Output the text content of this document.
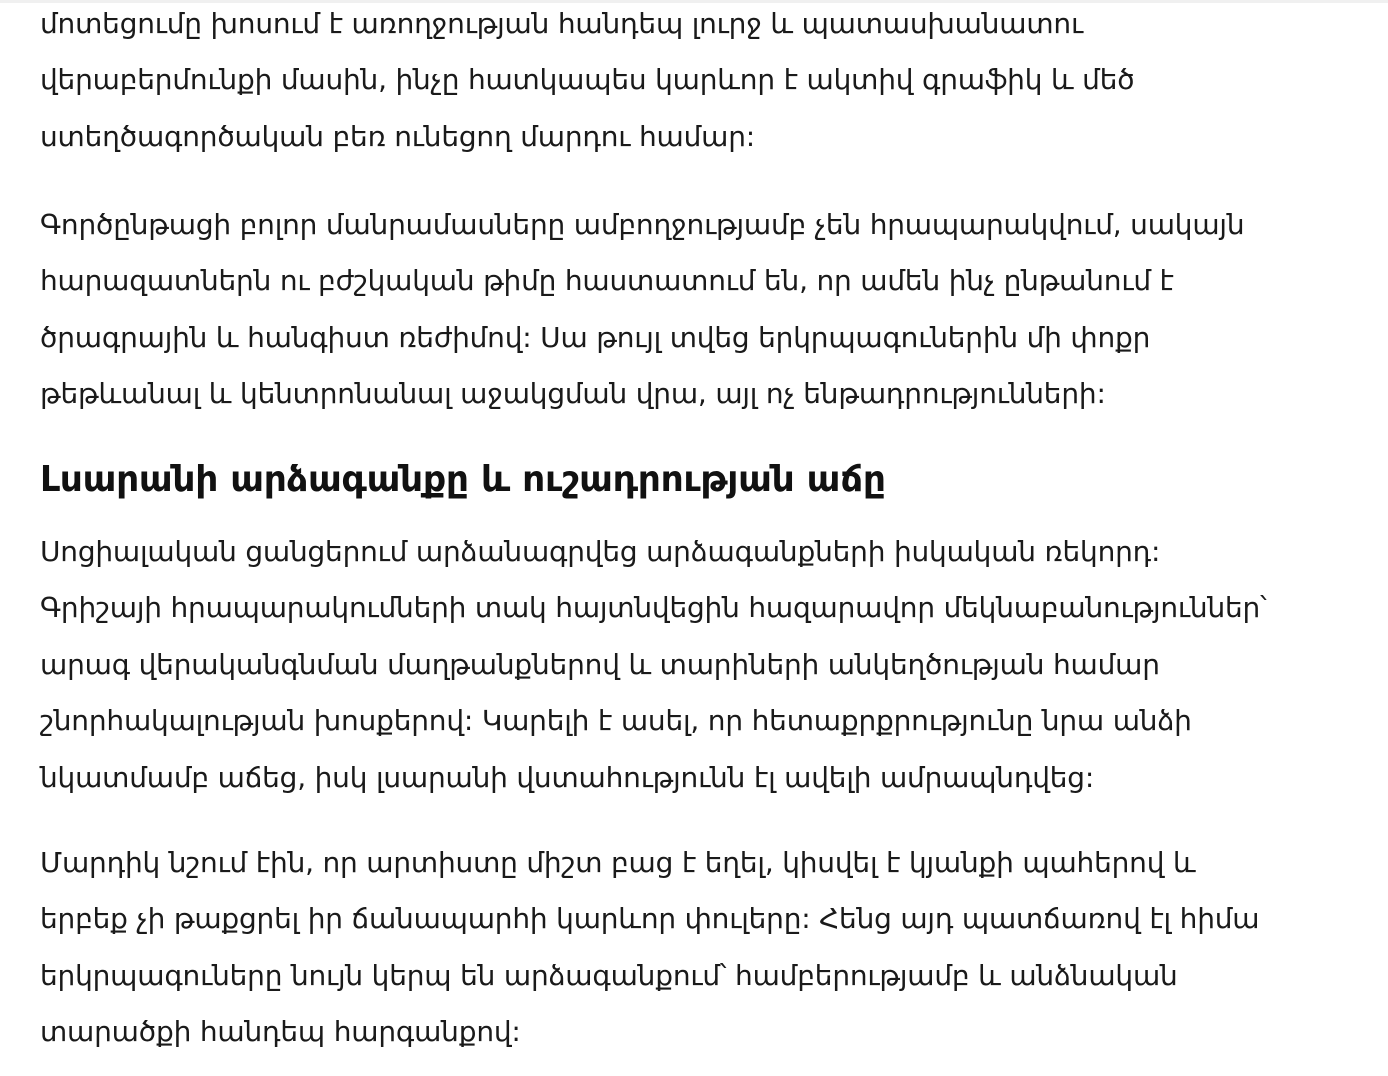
մոտեցումը խոսում է առողջության հանդեպ լուրջ և պատասխանատու
վերաբերմունքի մասին, ինչը հատկապես կարևոր է ակտիվ գրաֆիկ և մեծ
ստեղծագործական բեռ ունեցող մարդու համար:

Գործընթացի բոլոր մանրամասները ամբողջությամբ չեն հրապարակվում, սակայն
հարազատներն ու բժշկական թիմը հաստատում են, որ ամեն ինչ ընթանում է
ծրագրային և հանգիստ ռեժիմով: Սա թույլ տվեց երկրպագուներին մի փոքր
թեթևանալ և կենտրոնանալ աջակցման վրա, այլ ոչ ենթադրությունների:

Լսարանի արձագանքը և ուշադրության աճը

Սոցիալական ցանցերում արձանագրվեց արձագանքների իսկական ռեկորդ:
Գրիշայի հրապարակումների տակ հայտնվեցին հազարավոր մեկնաբանություններ՝
արագ վերականգնման մաղթանքներով և տարիների անկեղծության համար
շնորհակալության խոսքերով: Կարելի է ասել, որ հետաքրքրությունը նրա անձի
նկատմամբ աճեց, իսկ լսարանի վստահությունն էլ ավելի ամրապնդվեց:

Մարդիկ նշում էին, որ արտիստը միշտ բաց է եղել, կիսվել է կյանքի պահերով և
երբեք չի թաքցրել իր ճանապարհի կարևոր փուլերը: Հենց այդ պատճառով էլ հիմա
երկրպագուները նույն կերպ են արձագանքում՝ համբերությամբ և անձնական
տարածքի հանդեպ հարգանքով:
